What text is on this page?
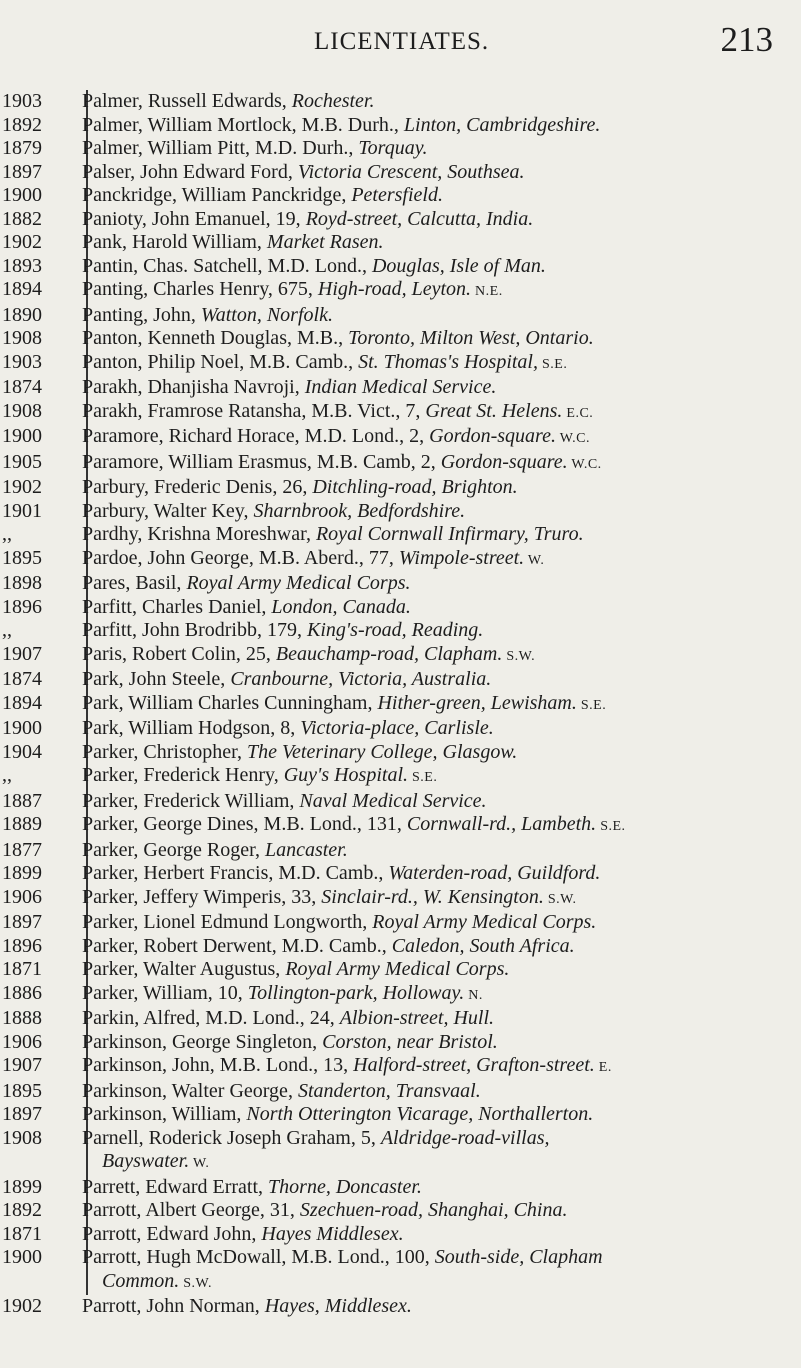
LICENTIATES.	213
1903	Palmer, Russell Edwards, Rochester.
1892	Palmer, William Mortlock, M.B. Durh., Linton, Cambridgeshire.
1879	Palmer, William Pitt, M.D. Durh., Torquay.
1897	Palser, John Edward Ford, Victoria Crescent, Southsea.
1900	Panckridge, William Panckridge, Petersfield.
1882	Panioty, John Emanuel, 19, Royd-street, Calcutta, India.
1902	Pank, Harold William, Market Rasen.
1893	Pantin, Chas. Satchell, M.D. Lond., Douglas, Isle of Man.
1894	Panting, Charles Henry, 675, High-road, Leyton. N.E.
1890	Panting, John, Watton, Norfolk.
1908	Panton, Kenneth Douglas, M.B., Toronto, Milton West, Ontario.
1903	Panton, Philip Noel, M.B. Camb., St. Thomas's Hospital, S.E.
1874	Parakh, Dhanjisha Navroji, Indian Medical Service.
1908	Parakh, Framrose Ratansha, M.B. Vict., 7, Great St. Helens. E.C.
1900	Paramore, Richard Horace, M.D. Lond., 2, Gordon-square. W.C.
1905	Paramore, William Erasmus, M.B. Camb, 2, Gordon-square. W.C.
1902	Parbury, Frederic Denis, 26, Ditchling-road, Brighton.
1901	Parbury, Walter Key, Sharnbrook, Bedfordshire.
,,	Pardhy, Krishna Moreshwar, Royal Cornwall Infirmary, Truro.
1895	Pardoe, John George, M.B. Aberd., 77, Wimpole-street. W.
1898	Pares, Basil, Royal Army Medical Corps.
1896	Parfitt, Charles Daniel, London, Canada.
,,	Parfitt, John Brodribb, 179, King's-road, Reading.
1907	Paris, Robert Colin, 25, Beauchamp-road, Clapham. S.W.
1874	Park, John Steele, Cranbourne, Victoria, Australia.
1894	Park, William Charles Cunningham, Hither-green, Lewisham. S.E.
1900	Park, William Hodgson, 8, Victoria-place, Carlisle.
1904	Parker, Christopher, The Veterinary College, Glasgow.
,,	Parker, Frederick Henry, Guy's Hospital. S.E.
1887	Parker, Frederick William, Naval Medical Service.
1889	Parker, George Dines, M.B. Lond., 131, Cornwall-rd., Lambeth. S.E.
1877	Parker, George Roger, Lancaster.
1899	Parker, Herbert Francis, M.D. Camb., Waterden-road, Guildford.
1906	Parker, Jeffery Wimperis, 33, Sinclair-rd., W. Kensington. S.W.
1897	Parker, Lionel Edmund Longworth, Royal Army Medical Corps.
1896	Parker, Robert Derwent, M.D. Camb., Caledon, South Africa.
1871	Parker, Walter Augustus, Royal Army Medical Corps.
1886	Parker, William, 10, Tollington-park, Holloway. N.
1888	Parkin, Alfred, M.D. Lond., 24, Albion-street, Hull.
1906	Parkinson, George Singleton, Corston, near Bristol.
1907	Parkinson, John, M.B. Lond., 13, Halford-street, Grafton-street. E.
1895	Parkinson, Walter George, Standerton, Transvaal.
1897	Parkinson, William, North Otterington Vicarage, Northallerton.
1908	Parnell, Roderick Joseph Graham, 5, Aldridge-road-villas,
Bayswater. W.
1899	Parrett, Edward Erratt, Thorne, Doncaster.
1892	Parrott, Albert George, 31, Szechuen-road, Shanghai, China.
1871	Parrott, Edward John, Hayes Middlesex.
1900	Parrott, Hugh McDowall, M.B. Lond., 100, South-side, Clapham
Common. S.W.
1902	Parrott, John Norman, Hayes, Middlesex.
